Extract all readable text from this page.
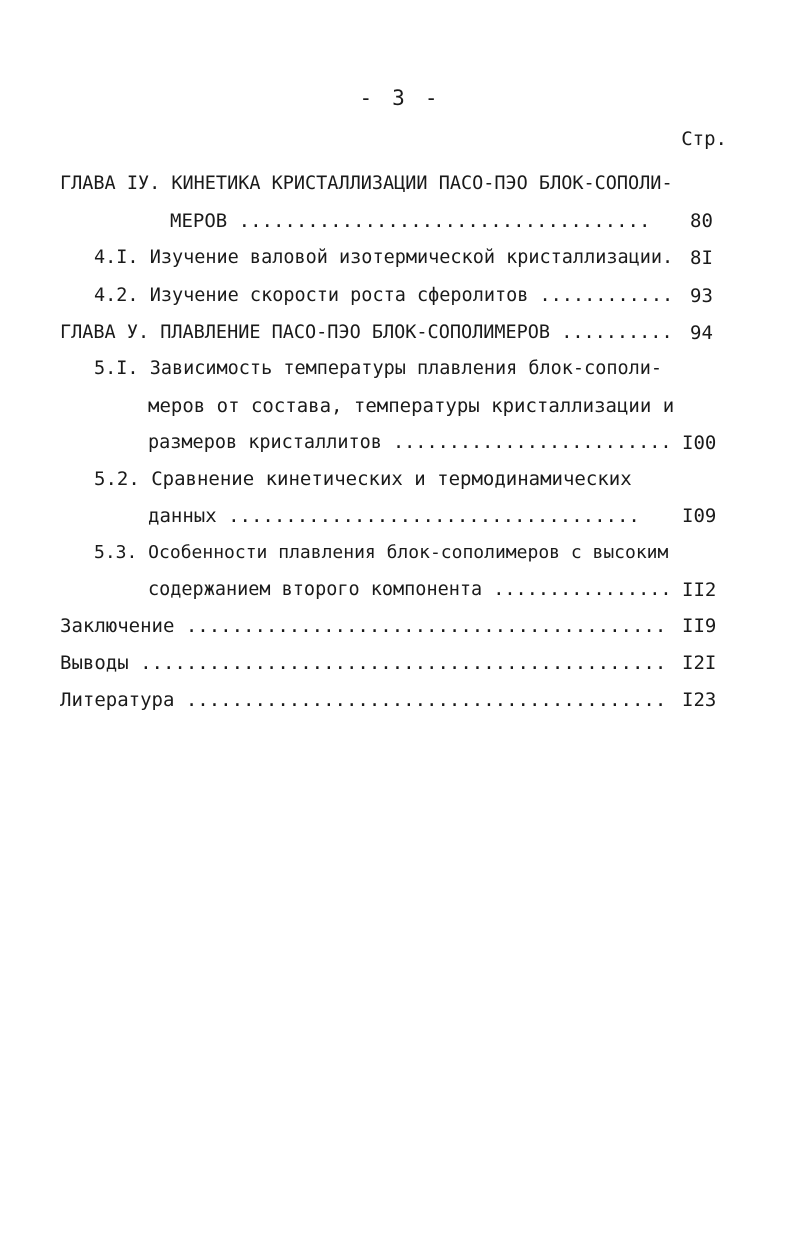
- 3 -
Стр.
ГЛАВА IУ. КИНЕТИКА КРИСТАЛЛИЗАЦИИ ПАСО-ПЭО БЛОК-СОПОЛИ-
МЕРОВ .................................... 80
4.I. Изучение валовой изотермической кристаллизации. 8I
4.2. Изучение скорости роста сферолитов ............ 93
ГЛАВА У. ПЛАВЛЕНИЕ ПАСО-ПЭО БЛОК-СОПОЛИМЕРОВ .......... 94
5.I. Зависимость температуры плавления блок-сополи-
меров от состава, температуры кристаллизации и
размеров кристаллитов ......................... I00
5.2. Сравнение кинетических и термодинамических
данных .................................... I09
5.3. Особенности плавления блок-сополимеров с высоким
содержанием второго компонента ................ II2
Заключение .......................................... II9
Выводы .............................................. I2I
Литература .......................................... I23
